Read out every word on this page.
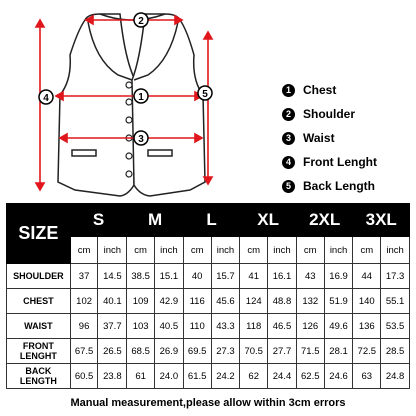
2
1
3
4	5	1	Chest
2	Shoulder
3	Waist
4	Front Lenght
5	Back Length
SIZE	S		M		L		XL		2XL		3XL	
	cm	inch	cm	inch	cm	inch	cm	inch	cm	inch	cm	inch
SHOULDER	37	14.5	38.5	15.1	40	15.7	41	16.1	43	16.9	44	17.3
CHEST	102	40.1	109	42.9	116	45.6	124	48.8	132	51.9	140	55.1
WAIST	96	37.7	103	40.5	110	43.3	118	46.5	126	49.6	136	53.5
FRONT LENGHT	67.5	26.5	68.5	26.9	69.5	27.3	70.5	27.7	71.5	28.1	72.5	28.5
BACK LENGTH	60.5	23.8	61	24.0	61.5	24.2	62	24.4	62.5	24.6	63	24.8
Manual measurement,please allow within 3cm errors
